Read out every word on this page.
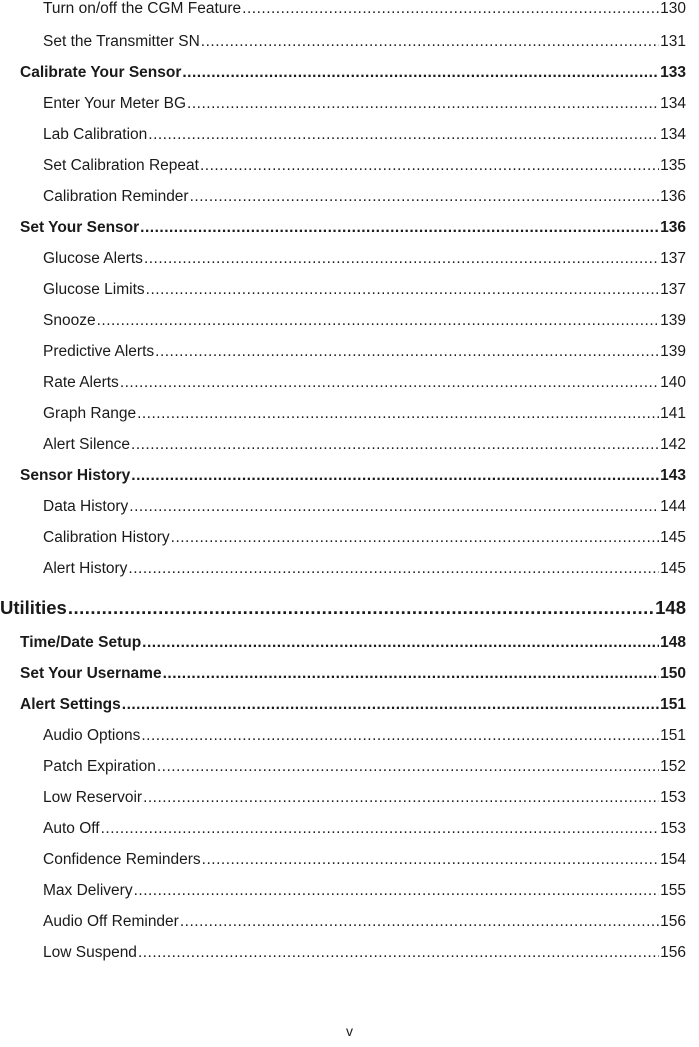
Turn on/off the CGM Feature .....	130
Set the Transmitter SN .....	131
Calibrate Your Sensor .....	133
Enter Your Meter BG .....	134
Lab Calibration .....	134
Set Calibration Repeat .....	135
Calibration Reminder .....	136
Set Your Sensor .....	136
Glucose Alerts .....	137
Glucose Limits .....	137
Snooze .....	139
Predictive Alerts .....	139
Rate Alerts .....	140
Graph Range .....	141
Alert Silence .....	142
Sensor History .....	143
Data History .....	144
Calibration History .....	145
Alert History .....	145
Utilities .....	148
Time/Date Setup .....	148
Set Your Username .....	150
Alert Settings .....	151
Audio Options .....	151
Patch Expiration .....	152
Low Reservoir .....	153
Auto Off .....	153
Confidence Reminders .....	154
Max Delivery .....	155
Audio Off Reminder .....	156
Low Suspend .....	156
v
